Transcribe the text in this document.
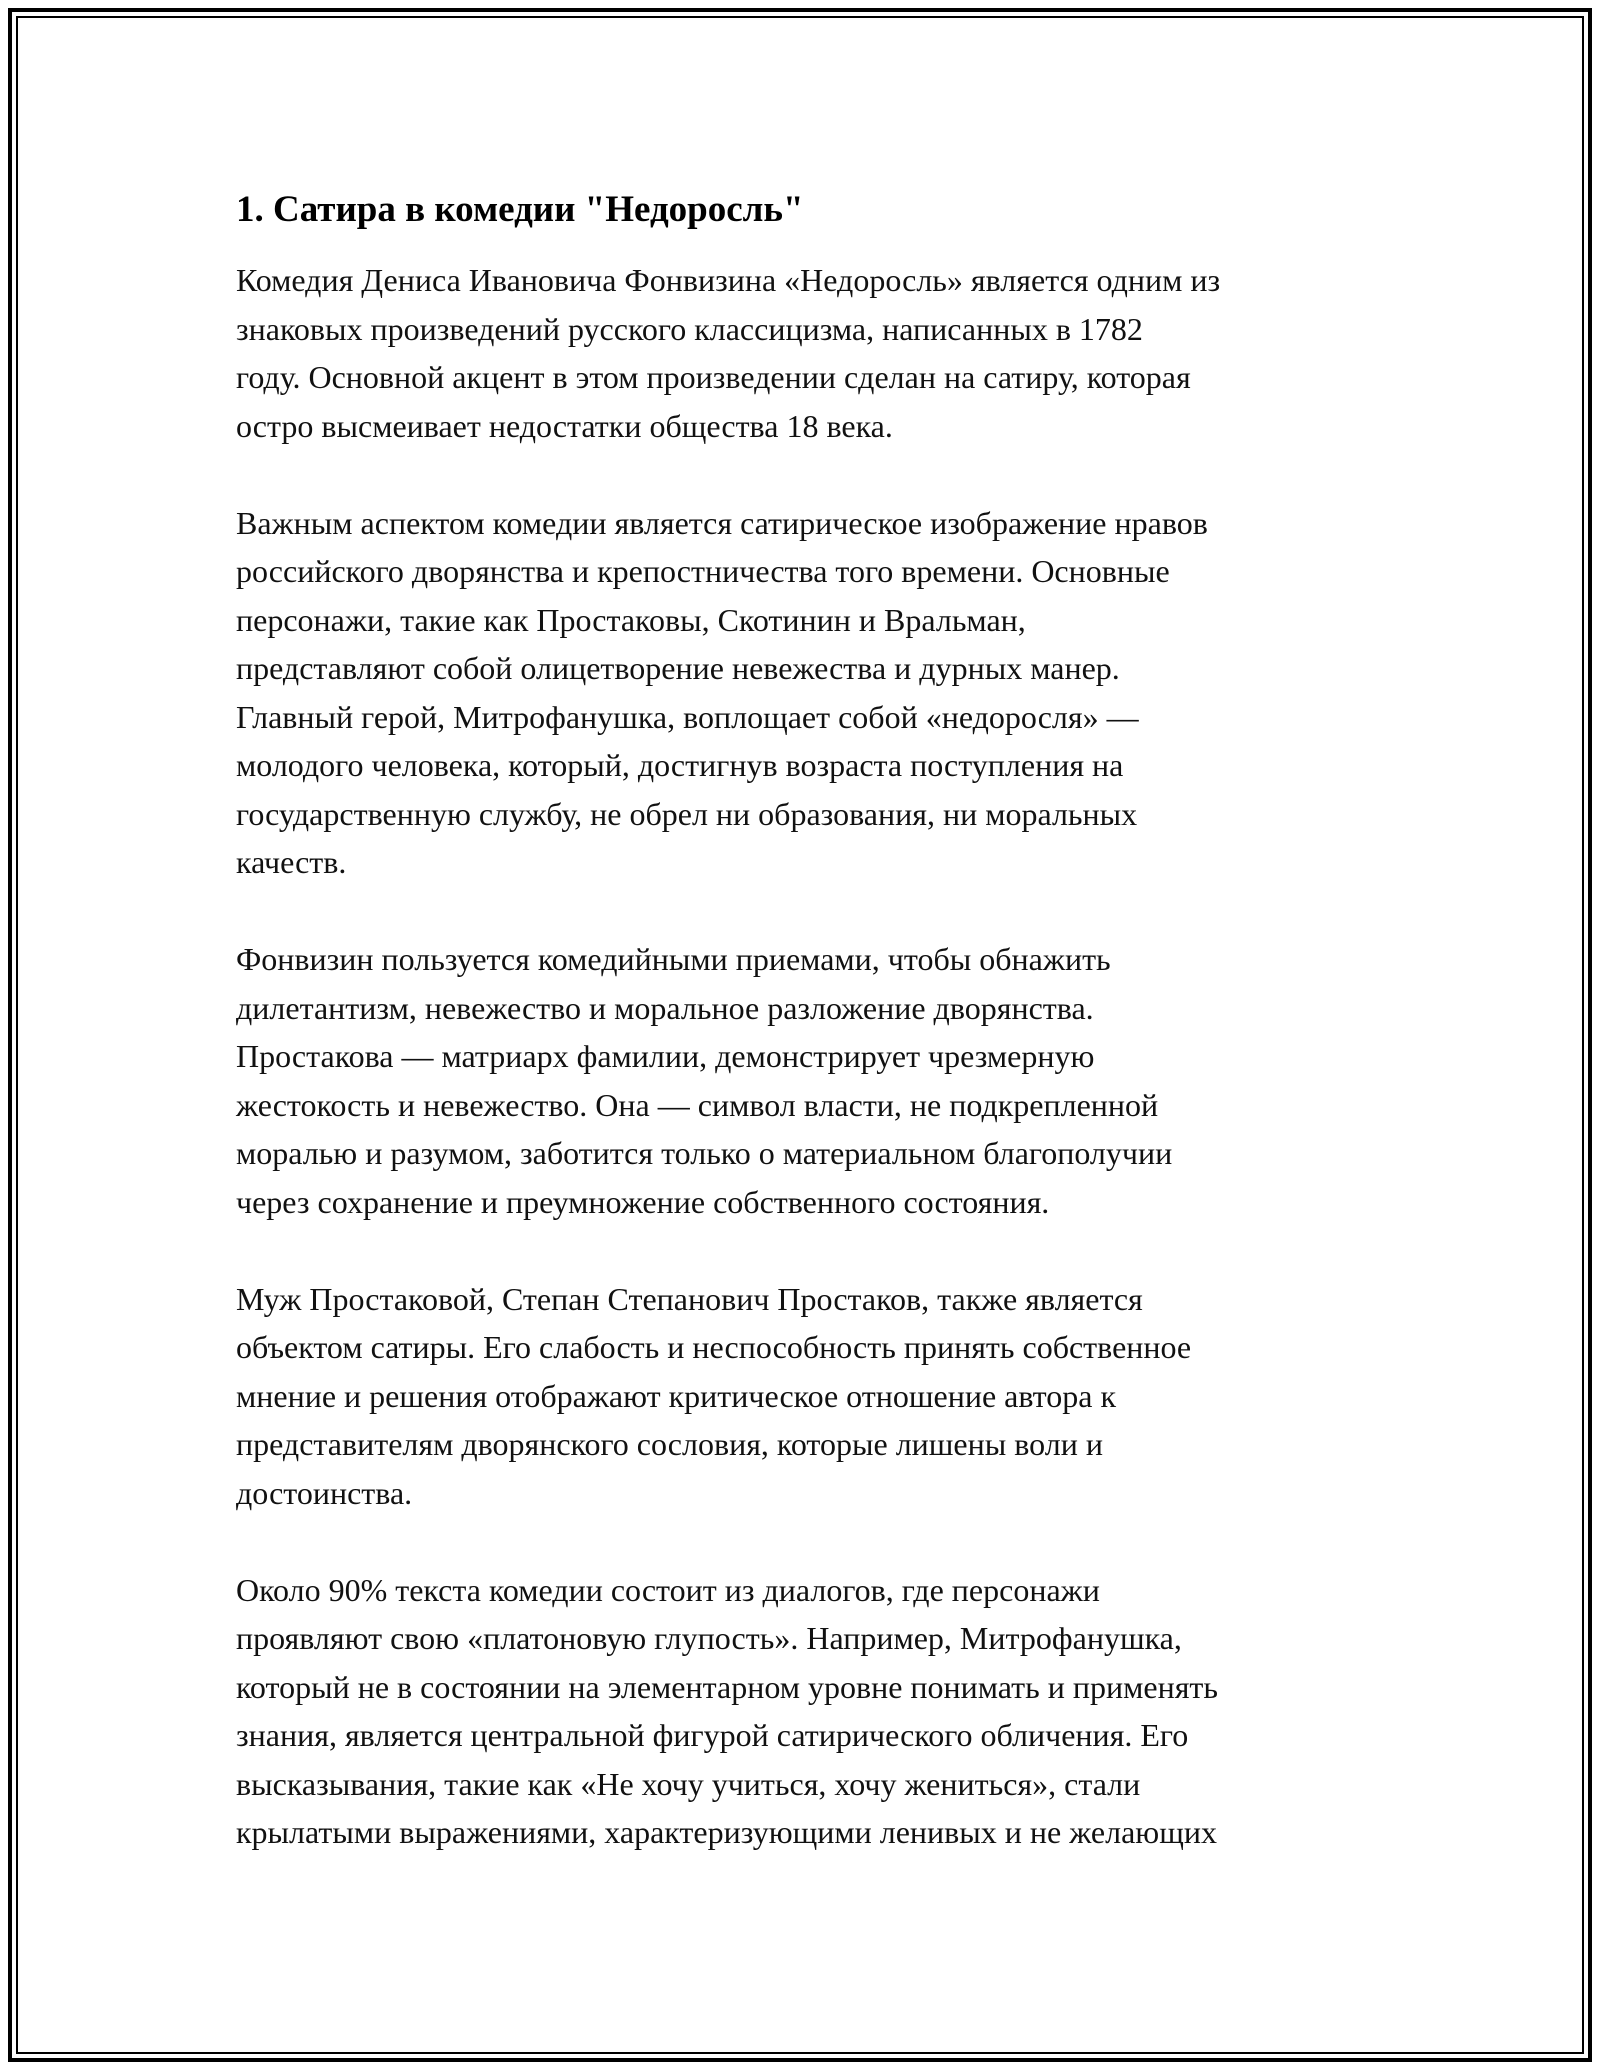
1. Сатира в комедии "Недоросль"

Комедия Дениса Ивановича Фонвизина «Недоросль» является одним из
знаковых произведений русского классицизма, написанных в 1782
году. Основной акцент в этом произведении сделан на сатиру, которая
остро высмеивает недостатки общества 18 века.

Важным аспектом комедии является сатирическое изображение нравов
российского дворянства и крепостничества того времени. Основные
персонажи, такие как Простаковы, Скотинин и Вральман,
представляют собой олицетворение невежества и дурных манер.
Главный герой, Митрофанушка, воплощает собой «недоросля» —
молодого человека, который, достигнув возраста поступления на
государственную службу, не обрел ни образования, ни моральных
качеств.

Фонвизин пользуется комедийными приемами, чтобы обнажить
дилетантизм, невежество и моральное разложение дворянства.
Простакова — матриарх фамилии, демонстрирует чрезмерную
жестокость и невежество. Она — символ власти, не подкрепленной
моралью и разумом, заботится только о материальном благополучии
через сохранение и преумножение собственного состояния.

Муж Простаковой, Степан Степанович Простаков, также является
объектом сатиры. Его слабость и неспособность принять собственное
мнение и решения отображают критическое отношение автора к
представителям дворянского сословия, которые лишены воли и
достоинства.

Около 90% текста комедии состоит из диалогов, где персонажи
проявляют свою «платоновую глупость». Например, Митрофанушка,
который не в состоянии на элементарном уровне понимать и применять
знания, является центральной фигурой сатирического обличения. Его
высказывания, такие как «Не хочу учиться, хочу жениться», стали
крылатыми выражениями, характеризующими ленивых и не желающих
